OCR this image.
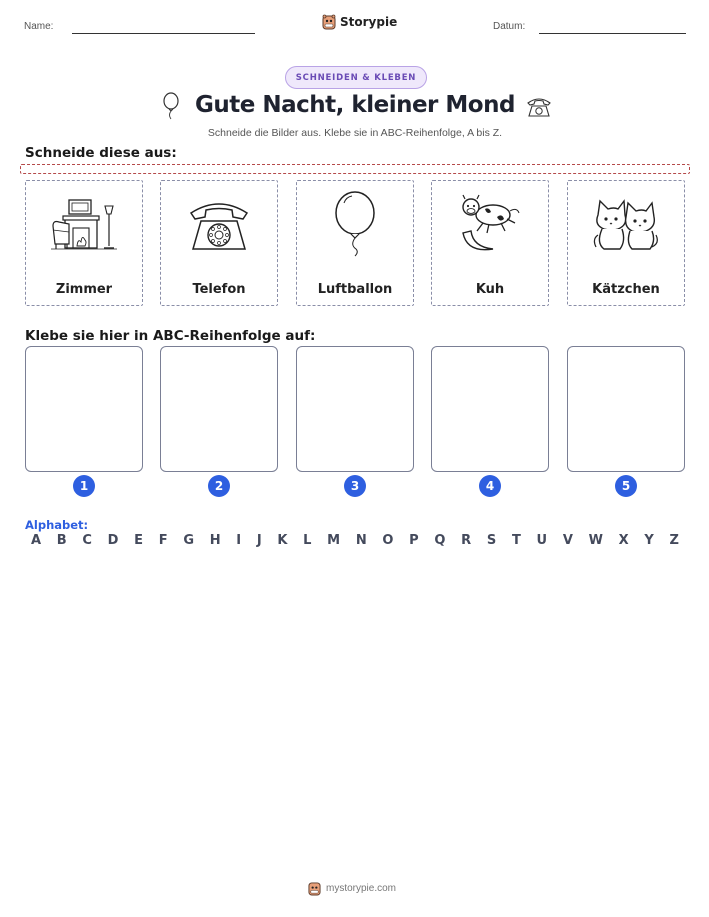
Name:	Storypie	Datum:
SCHNEIDEN & KLEBEN
Gute Nacht, kleiner Mond
Schneide die Bilder aus. Klebe sie in ABC-Reihenfolge, A bis Z.
Schneide diese aus:
Zimmer	Telefon	Luftballon	Kuh	Kätzchen
Klebe sie hier in ABC-Reihenfolge auf:
1	2	3	4	5
Alphabet:
A B C D E F G H I J K L M N O P Q R S T U V W X Y Z
mystorypie.com
